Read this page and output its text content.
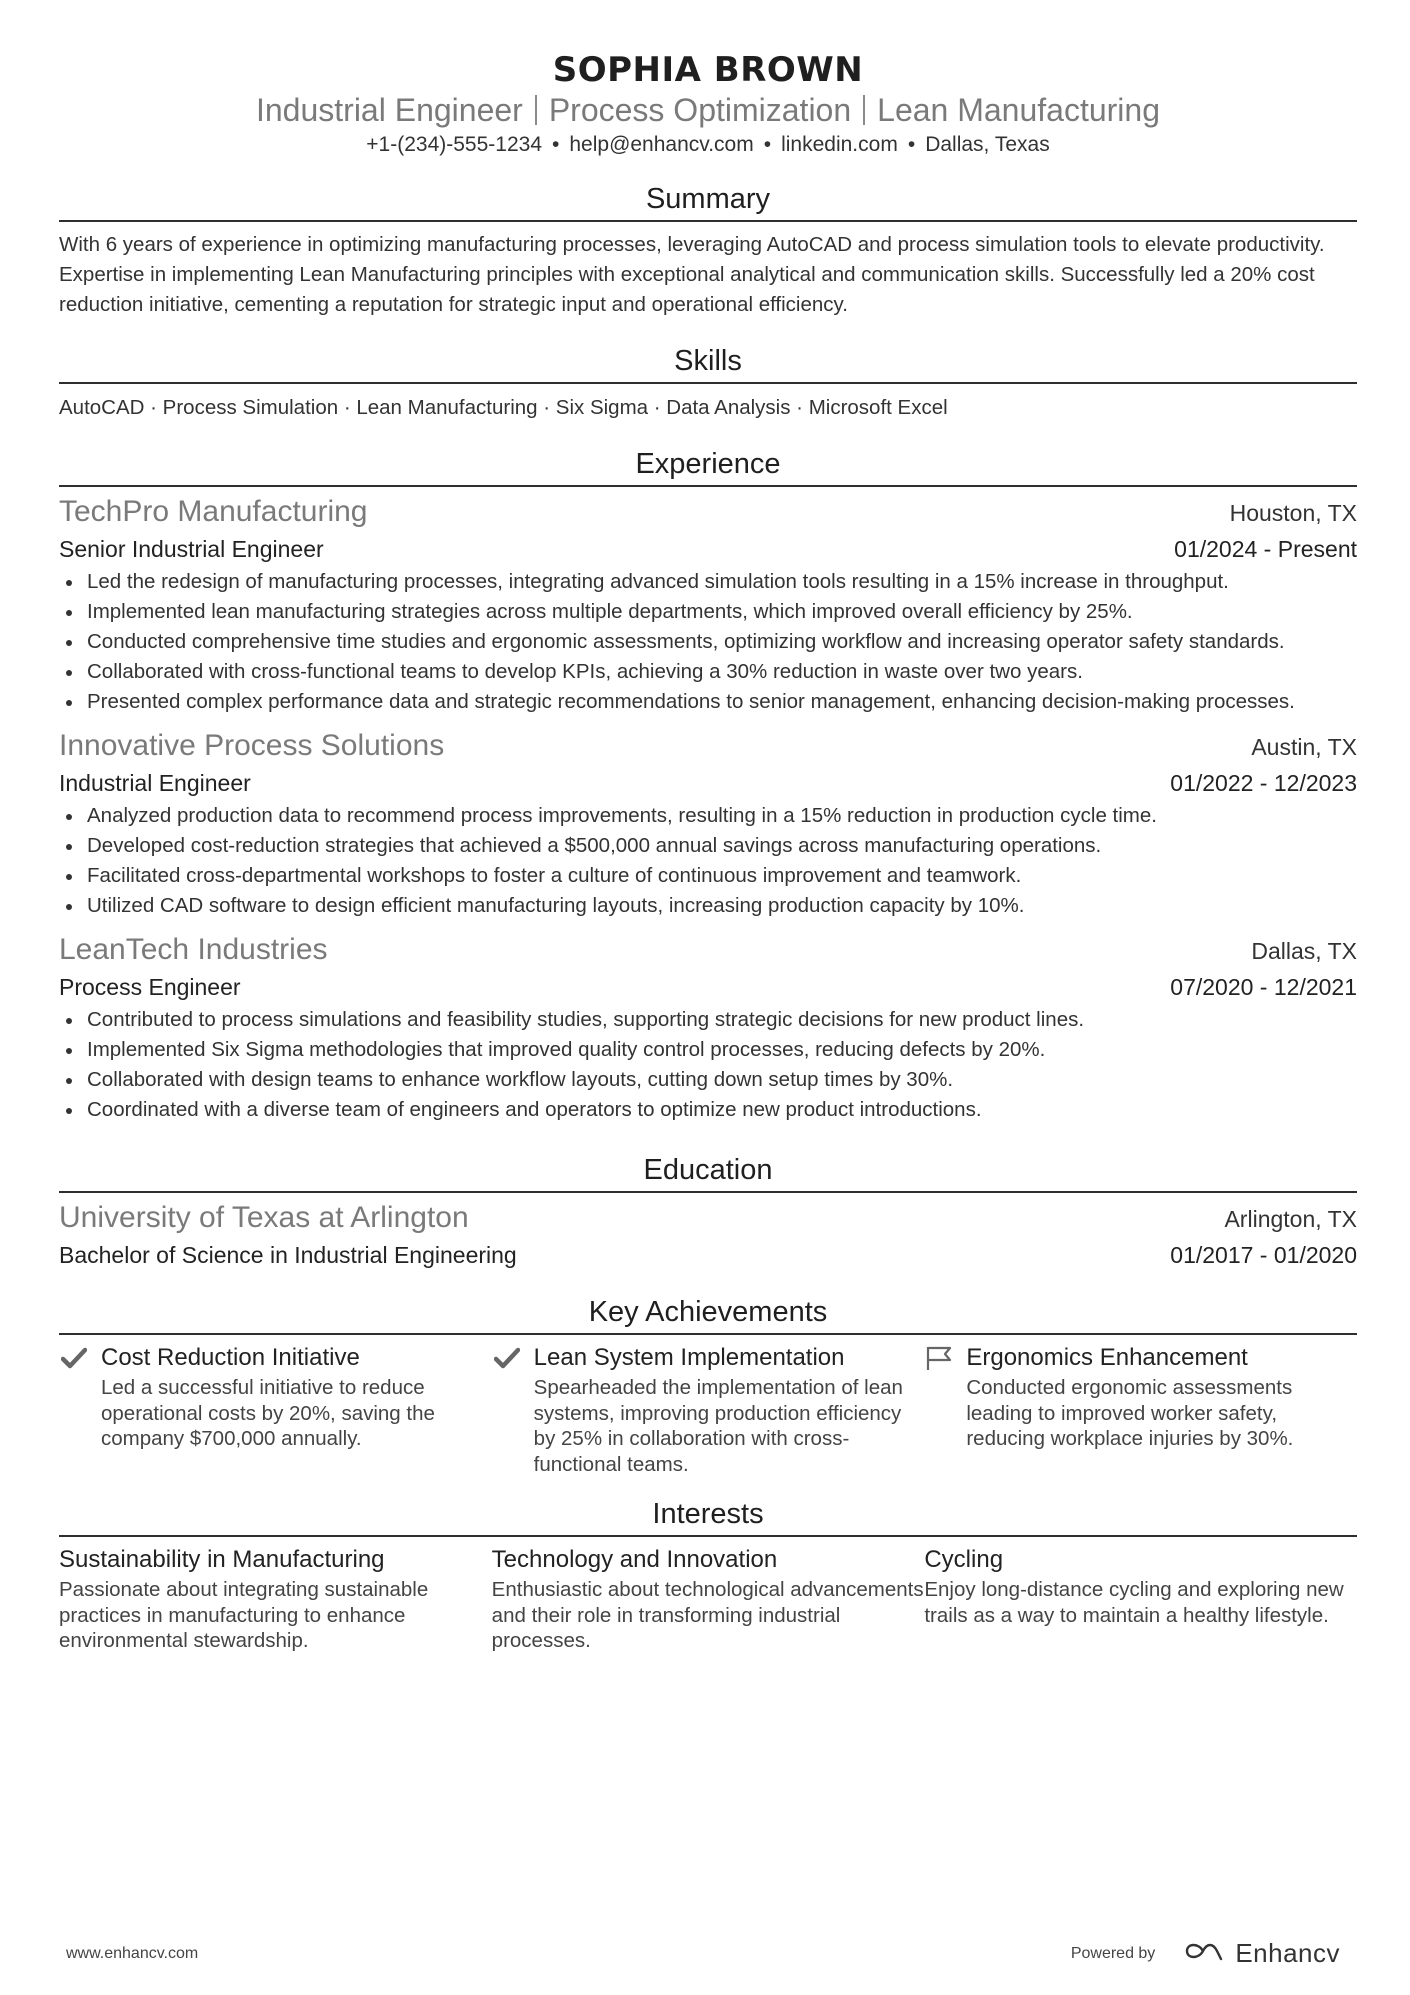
SOPHIA BROWN
Industrial Engineer Process Optimization Lean Manufacturing
+1-(234)-555-1234 • help@enhancv.com • linkedin.com • Dallas, Texas
Summary
With 6 years of experience in optimizing manufacturing processes, leveraging AutoCAD and process simulation tools to elevate productivity. Expertise in implementing Lean Manufacturing principles with exceptional analytical and communication skills. Successfully led a 20% cost reduction initiative, cementing a reputation for strategic input and operational efficiency.
Skills
AutoCAD · Process Simulation · Lean Manufacturing · Six Sigma · Data Analysis · Microsoft Excel
Experience
TechPro Manufacturing	Houston, TX
Senior Industrial Engineer	01/2024 - Present
Led the redesign of manufacturing processes, integrating advanced simulation tools resulting in a 15% increase in throughput.
Implemented lean manufacturing strategies across multiple departments, which improved overall efficiency by 25%.
Conducted comprehensive time studies and ergonomic assessments, optimizing workflow and increasing operator safety standards.
Collaborated with cross-functional teams to develop KPIs, achieving a 30% reduction in waste over two years.
Presented complex performance data and strategic recommendations to senior management, enhancing decision-making processes.
Innovative Process Solutions	Austin, TX
Industrial Engineer	01/2022 - 12/2023
Analyzed production data to recommend process improvements, resulting in a 15% reduction in production cycle time.
Developed cost-reduction strategies that achieved a $500,000 annual savings across manufacturing operations.
Facilitated cross-departmental workshops to foster a culture of continuous improvement and teamwork.
Utilized CAD software to design efficient manufacturing layouts, increasing production capacity by 10%.
LeanTech Industries	Dallas, TX
Process Engineer	07/2020 - 12/2021
Contributed to process simulations and feasibility studies, supporting strategic decisions for new product lines.
Implemented Six Sigma methodologies that improved quality control processes, reducing defects by 20%.
Collaborated with design teams to enhance workflow layouts, cutting down setup times by 30%.
Coordinated with a diverse team of engineers and operators to optimize new product introductions.
Education
University of Texas at Arlington	Arlington, TX
Bachelor of Science in Industrial Engineering	01/2017 - 01/2020
Key Achievements
Cost Reduction Initiative
Led a successful initiative to reduce operational costs by 20%, saving the company $700,000 annually.
Lean System Implementation
Spearheaded the implementation of lean systems, improving production efficiency by 25% in collaboration with cross-functional teams.
Ergonomics Enhancement
Conducted ergonomic assessments leading to improved worker safety, reducing workplace injuries by 30%.
Interests
Sustainability in Manufacturing
Passionate about integrating sustainable practices in manufacturing to enhance environmental stewardship.
Technology and Innovation
Enthusiastic about technological advancements and their role in transforming industrial processes.
Cycling
Enjoy long-distance cycling and exploring new trails as a way to maintain a healthy lifestyle.
www.enhancv.com	Powered by	Enhancv
